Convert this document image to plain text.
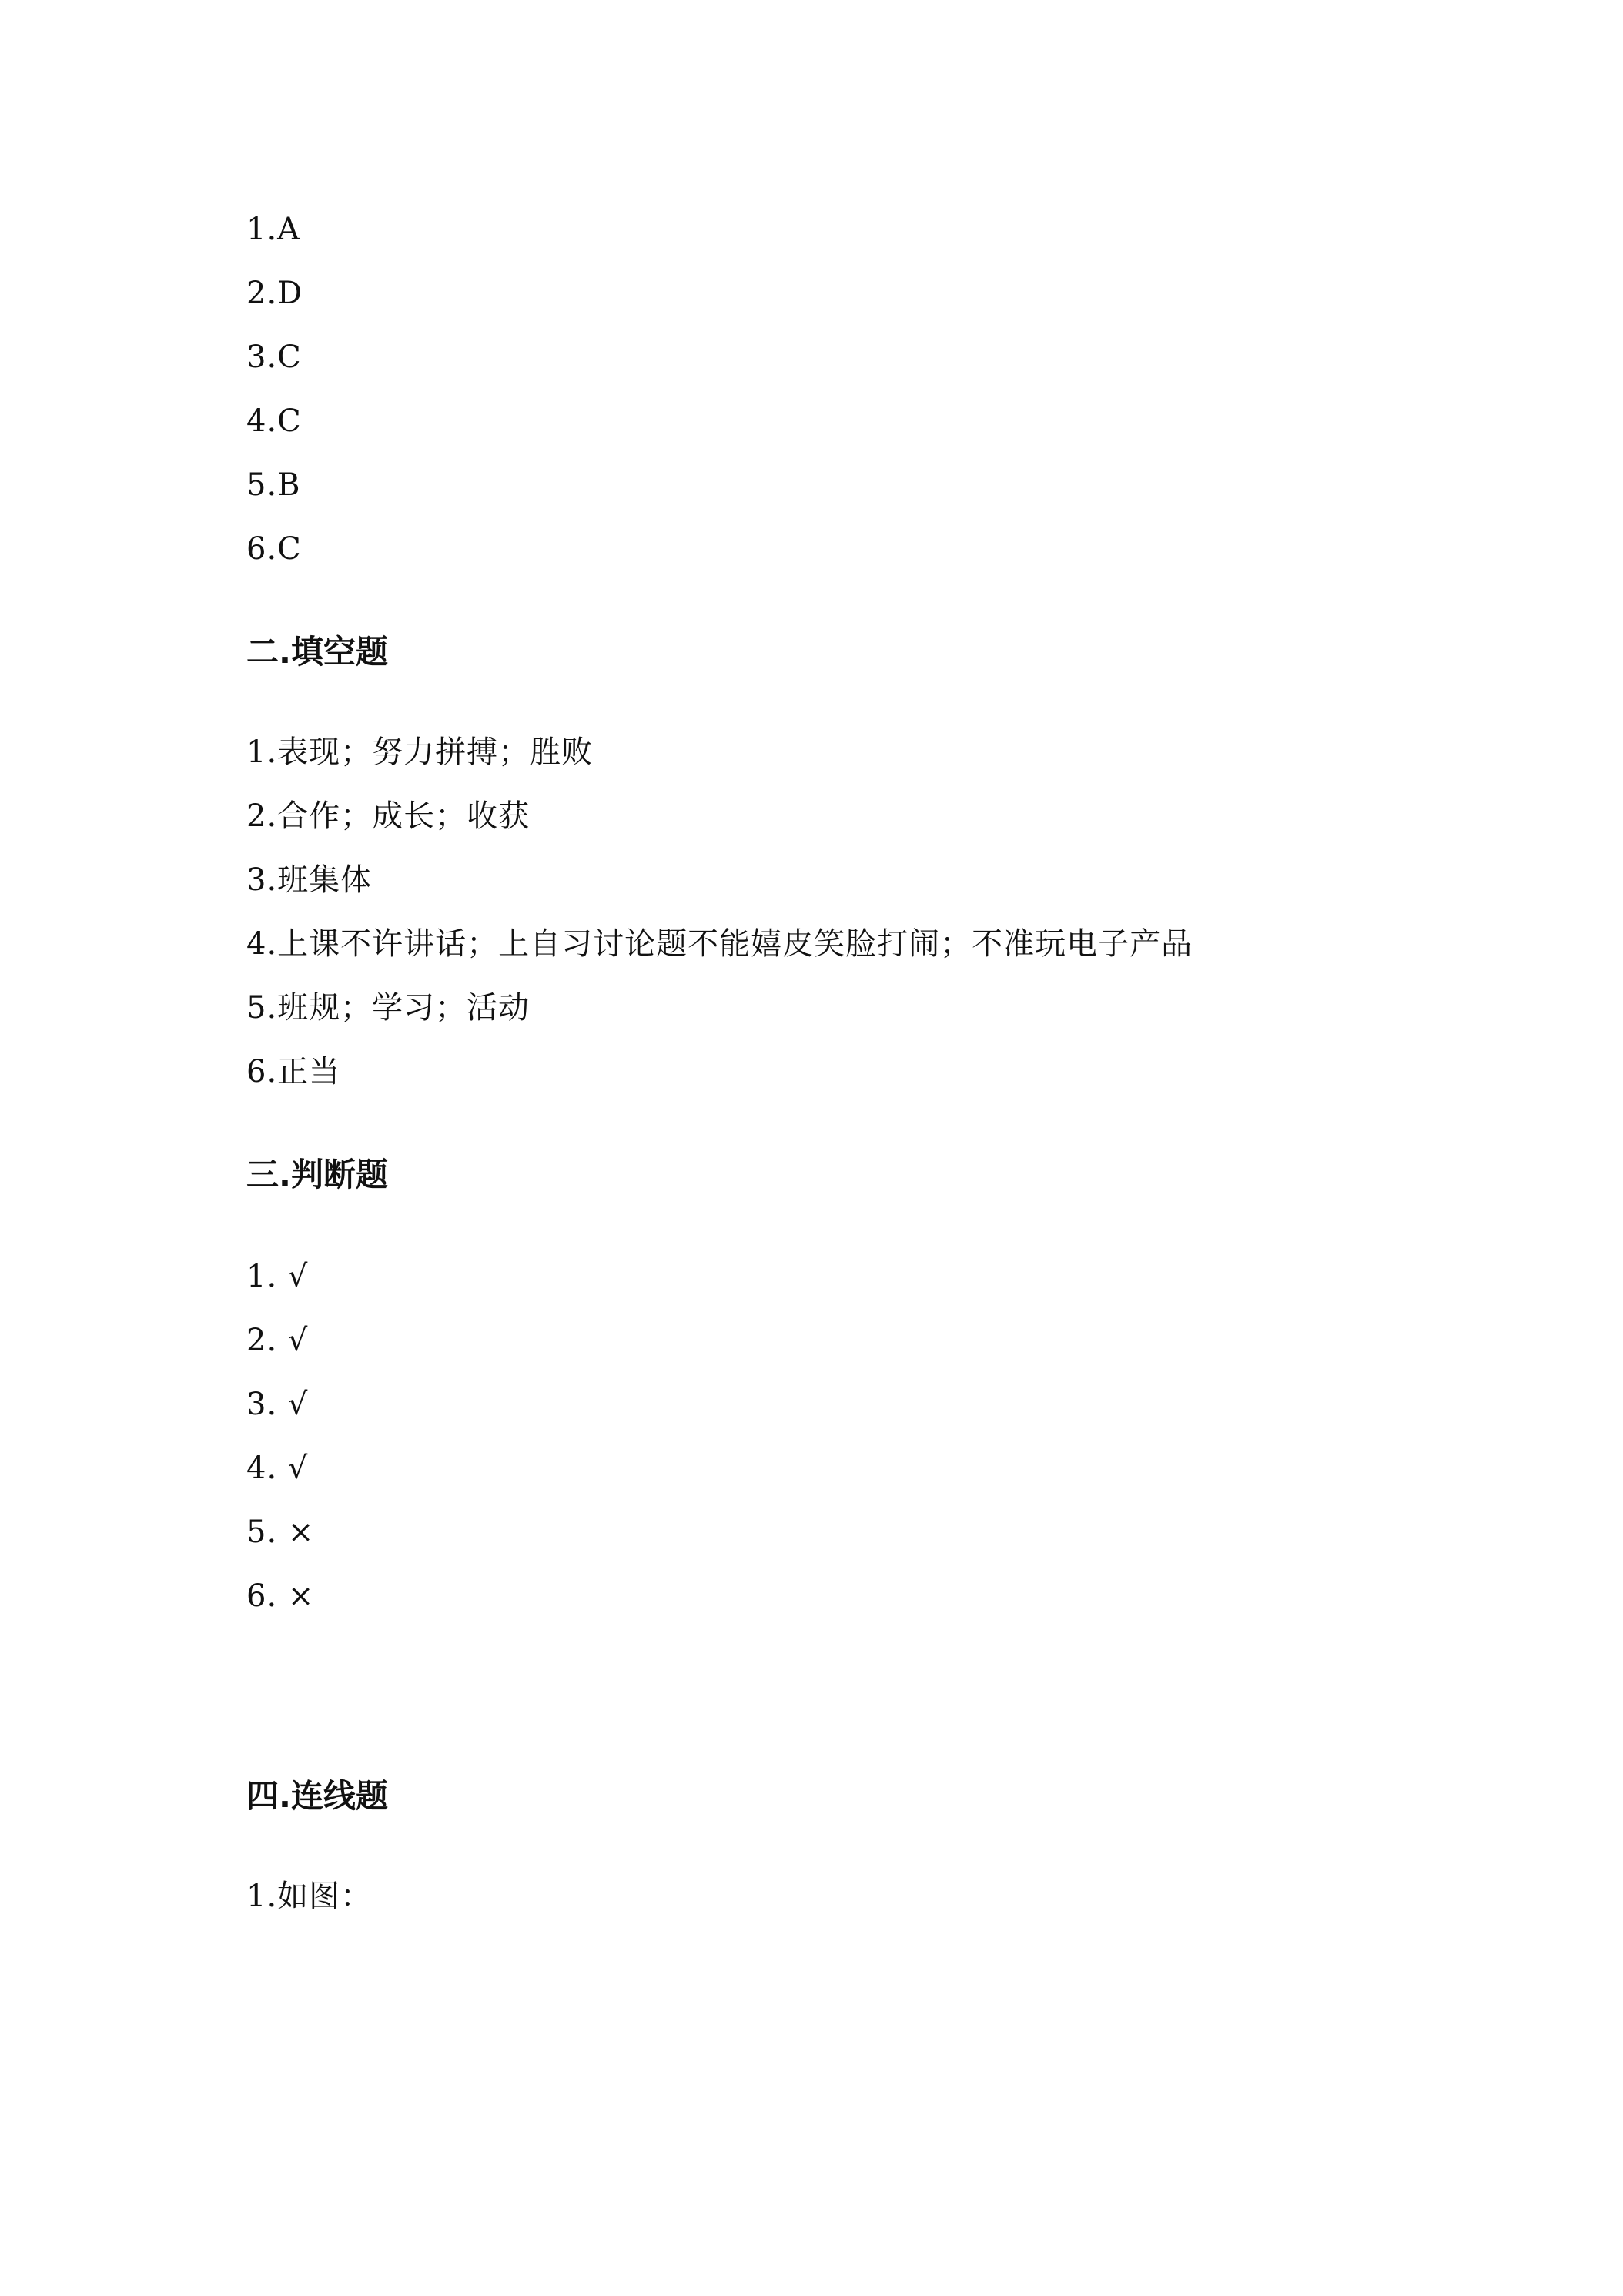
1.A
2.D
3.C
4.C
5.B
6.C
二.填空题
1.表现；努力拼搏；胜败
2.合作；成长；收获
3.班集体
4.上课不许讲话；上自习讨论题不能嬉皮笑脸打闹；不准玩电子产品
5.班规；学习；活动
6.正当
三.判断题
1. √
2. √
3. √
4. √
5. ×
6. ×
四.连线题
1.如图：
